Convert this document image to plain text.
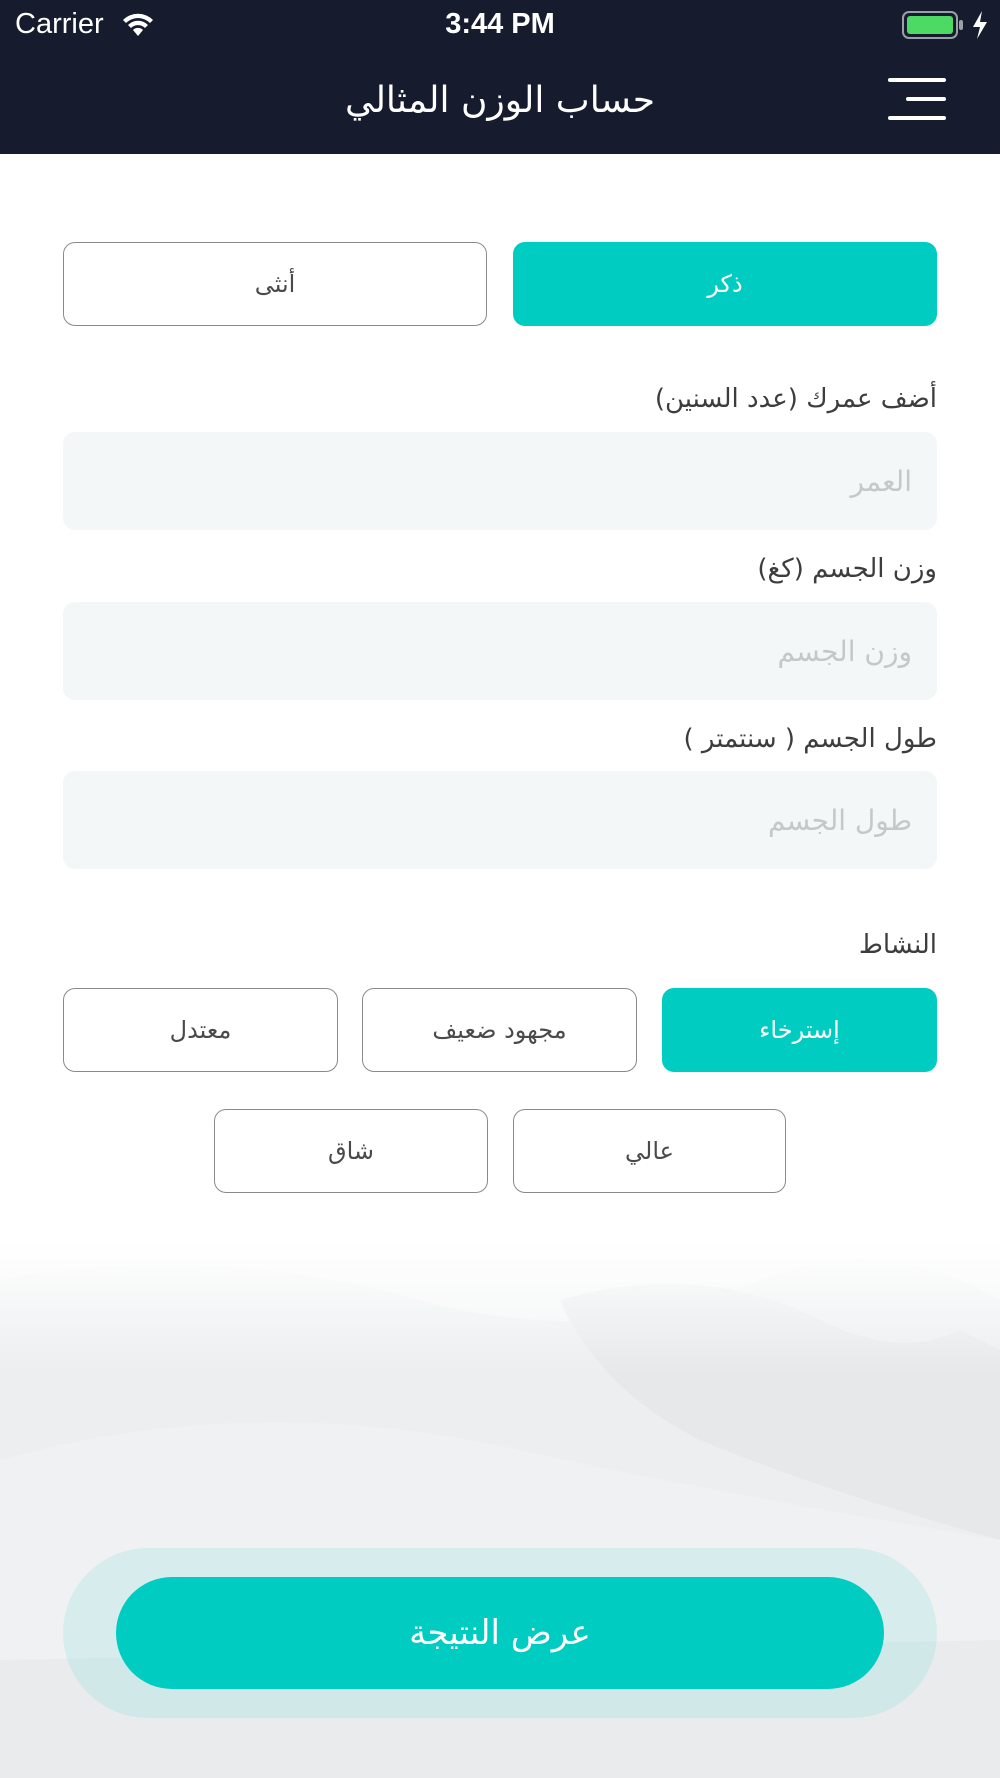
Carrier	3:44 PM
حساب الوزن المثالي
ذكر
أنثى
أضف عمرك (عدد السنين)
العمر
وزن الجسم (كغ)
وزن الجسم
طول الجسم ( سنتمتر )
طول الجسم
النشاط
إسترخاء
مجهود ضعيف
معتدل
عالي
شاق
عرض النتيجة
